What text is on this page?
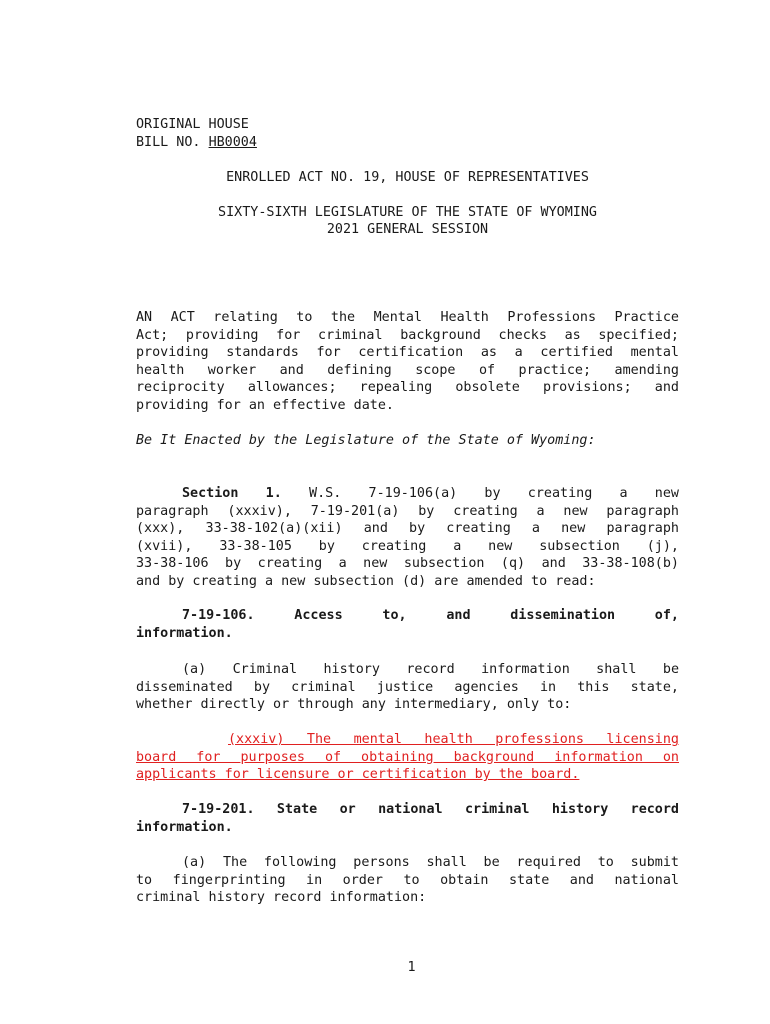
ORIGINAL HOUSE

BILL NO. HB0004

ENROLLED ACT NO. 19, HOUSE OF REPRESENTATIVES

SIXTY-SIXTH LEGISLATURE OF THE STATE OF WYOMING

2021 GENERAL SESSION

AN ACT relating to the Mental Health Professions Practice
Act; providing for criminal background checks as specified;
providing standards for certification as a certified mental
health worker and defining scope of practice; amending
reciprocity allowances; repealing obsolete provisions; and
providing for an effective date.

Be It Enacted by the Legislature of the State of Wyoming:

Section 1. W.S. 7-19-106(a) by creating a new
paragraph (xxxiv), 7-19-201(a) by creating a new paragraph
(xxx), 33-38-102(a)(xii) and by creating a new paragraph
(xvii), 33-38-105 by creating a new subsection (j),
33-38-106 by creating a new subsection (q) and 33-38-108(b)
and by creating a new subsection (d) are amended to read:
7-19-106. Access to, and dissemination of,
information.
(a) Criminal history record information shall be
disseminated by criminal justice agencies in this state,
whether directly or through any intermediary, only to:
(xxxiv) The mental health professions licensing
board for purposes of obtaining background information on
applicants for licensure or certification by the board.
7-19-201. State or national criminal history record
information.
(a) The following persons shall be required to submit
to fingerprinting in order to obtain state and national
criminal history record information:
1
